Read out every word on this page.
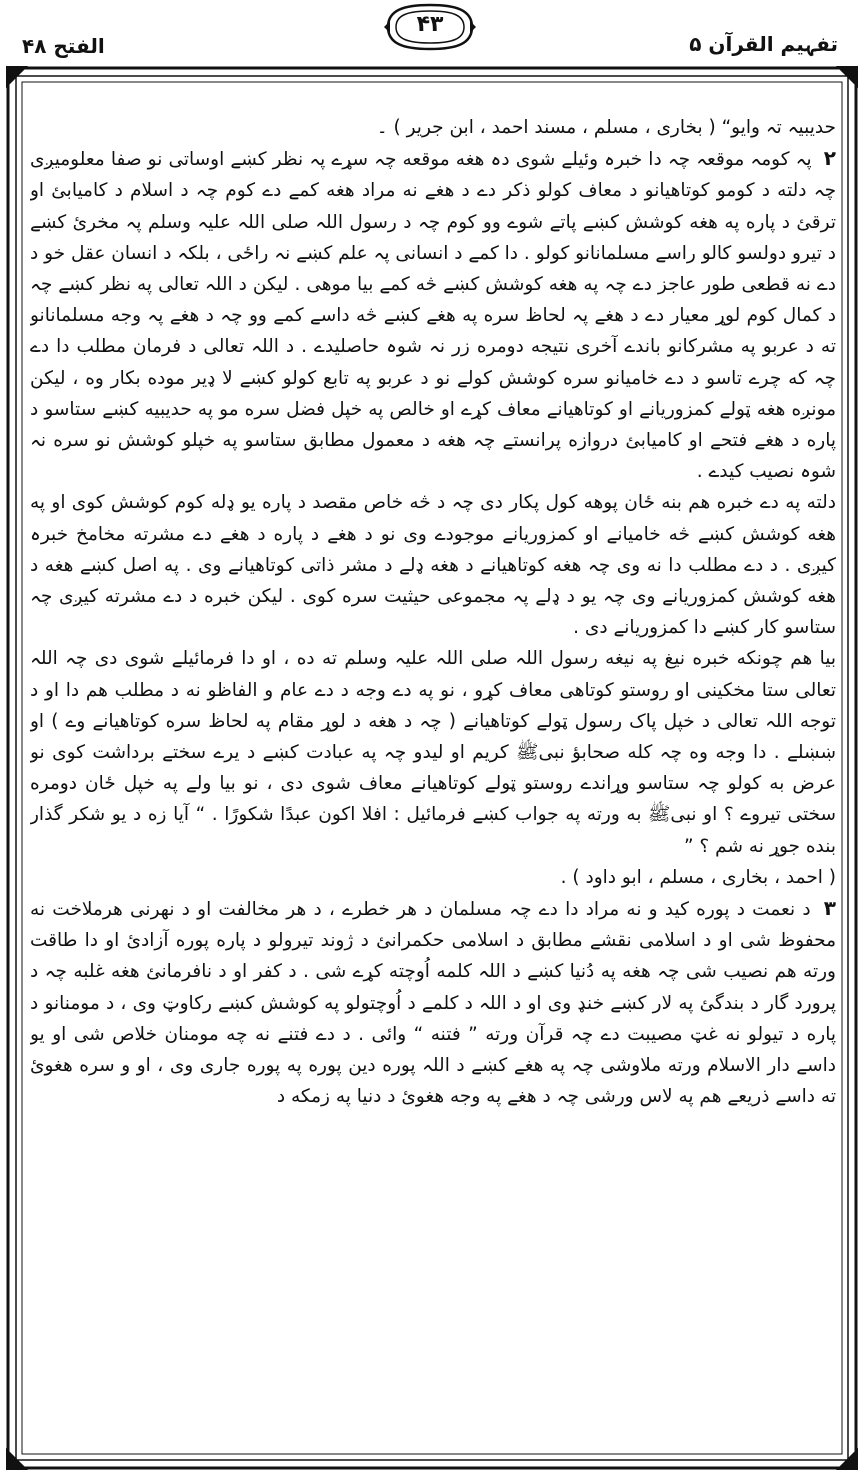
الفتح ۴۸
۴۳
تفہیم القرآن ۵

حدیبیہ تہ وایو“ ( بخاری ، مسلم ، مسند احمد ، ابن جریر ) ۔

۲ پہ کومہ موقعہ چہ دا خبرہ وئیلے شوی دہ هغه موقعه چہ سړے پہ نظر کښے اوساتی نو صفا معلومیږی چہ دلته د کومو کوتاهیانو د معاف کولو ذکر دے د هغے نه مراد هغه کمے دے کوم چہ د اسلام د کامیابئ او ترقئ د پاره په هغه کوشش کښے پاتے شوے وو کوم چہ د رسول اللہ صلی اللہ علیہ وسلم پہ مخرئ کښے د تیرو دولسو کالو راسے مسلمانانو کولو . دا کمے د انسانی پہ علم کښے نہ راځی ، بلکہ د انسان عقل خو د دے نه قطعی طور عاجز دے چہ په هغه کوشش کښے څه کمے بیا موهی . لیکن د اللہ تعالی په نظر کښے چہ د کمال کوم لوړ معیار دے د هغے پہ لحاظ سره په هغے کښے څه داسے کمے وو چہ د هغے پہ وجه مسلمانانو ته د عربو په مشرکانو باندے آخری نتیجه دومره زر نہ شوہ حاصلیدے . د اللہ تعالی د فرمان مطلب دا دے چہ که چرے تاسو د دے خامیانو سره کوشش کولے نو د عربو په تابع کولو کښے لا ډیر موده بکار وه ، لیکن مونږه هغه ټولے کمزوریانے او کوتاهیانے معاف کړے او خالص په خپل فضل سره مو په حدیبیه کښے ستاسو د پاره د هغے فتحے او کامیابئ دروازه پرانستے چہ هغه د معمول مطابق ستاسو په خپلو کوشش نو سره نہ شوہ نصیب کیدے .

دلته په دے خبره هم بنه ځان پوهه کول پکار دی چہ د څه خاص مقصد د پاره یو ډله کوم کوشش کوی او په هغه کوشش کښے څه خامیانے او کمزوریانے موجودے وی نو د هغے د پاره د هغے دے مشرته مخامخ خبرہ کیږی . د دے مطلب دا نه وی چہ هغه کوتاهیانے د هغه ډلے د مشر ذاتی کوتاهیانے وی . په اصل کښے هغه د هغه کوشش کمزوریانے وی چہ یو د ډلے پہ مجموعی حیثیت سره کوی . لیکن خبره د دے مشرته کیږی چہ ستاسو کار کښے دا کمزوریانے دی .

بیا هم چونکه خبره نیغ په نیغه رسول اللہ صلی اللہ علیہ وسلم ته ده ، او دا فرمائیلے شوی دی چہ اللہ تعالی ستا مخکینی او روستو کوتاهی معاف کړو ، نو په دے وجه د دے عام و الفاظو نه د مطلب هم دا او د توجه اللہ تعالی د خپل پاک رسول ټولے کوتاهیانے ( چہ د هغه د لوړ مقام په لحاظ سره کوتاهیانے وے ) او ښښلے . دا وجه وه چہ کله صحابؤ نبیﷺ کریم او لیدو چہ په عبادت کښے د یرے سختے برداشت کوی نو عرض به کولو چہ ستاسو وړاندے روستو ټولے کوتاهیانے معاف شوی دی ، نو بیا ولے په خپل ځان دومره سختی تیروے ؟ او نبیﷺ به ورته په جواب کښے فرمائیل : افلا اکون عبدًا شکورًا . “ آیا زه د یو شکر گذار بنده جوړ نه شم ؟ ”

( احمد ، بخاری ، مسلم ، ابو داود ) .

۳ د نعمت د پوره کید و نه مراد دا دے چہ مسلمان د هر خطرے ، د هر مخالفت او د نهرنی هرملاخت نه محفوظ شی او د اسلامی نقشے مطابق د اسلامی حکمرانئ د ژوند تیرولو د پاره پوره آزادئ او دا طاقت ورته هم نصیب شی چہ هغه په دُنیا کښے د اللہ کلمه اُوچته کړے شی . د کفر او د نافرمانئ هغه غلبه چہ د پرورد گار د بندگئ په لار کښے خنډ وی او د اللہ د کلمے د اُوچتولو په کوشش کښے رکاوټ وی ، د مومنانو د پاره د تیولو نه غټ مصیبت دے چہ قرآن ورته ” فتنه “ وائی . د دے فتنے نه چه مومنان خلاص شی او یو داسے دار الاسلام ورته ملاوشی چہ په هغے کښے د اللہ پوره دین پوره په پوره جاری وی ، او و سره هغوئ ته داسے ذریعے هم په لاس ورشی چہ د هغے په وجه هغوئ د دنیا په زمکه د
